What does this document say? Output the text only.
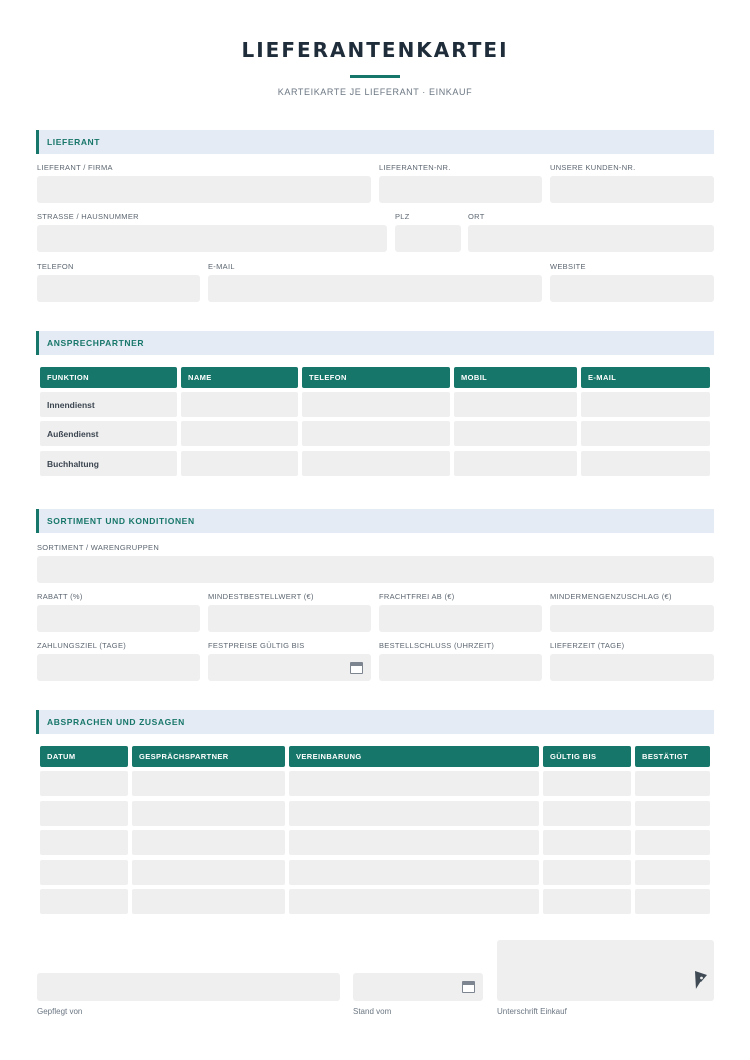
LIEFERANTENKARTEI
KARTEIKARTE JE LIEFERANT · EINKAUF
LIEFERANT
LIEFERANT / FIRMA	LIEFERANTEN-NR.	UNSERE KUNDEN-NR.
STRASSE / HAUSNUMMER	PLZ	ORT
TELEFON	E-MAIL	WEBSITE
ANSPRECHPARTNER
FUNKTION	NAME	TELEFON	MOBIL	E-MAIL
Innendienst
Außendienst
Buchhaltung
SORTIMENT UND KONDITIONEN
SORTIMENT / WARENGRUPPEN
RABATT (%)	MINDESTBESTELLWERT (€)	FRACHTFREI AB (€)	MINDERMENGENZUSCHLAG (€)
ZAHLUNGSZIEL (TAGE)	FESTPREISE GÜLTIG BIS	BESTELLSCHLUSS (UHRZEIT)	LIEFERZEIT (TAGE)
ABSPRACHEN UND ZUSAGEN
DATUM	GESPRÄCHSPARTNER	VEREINBARUNG	GÜLTIG BIS	BESTÄTIGT
Gepflegt von	Stand vom	Unterschrift Einkauf
